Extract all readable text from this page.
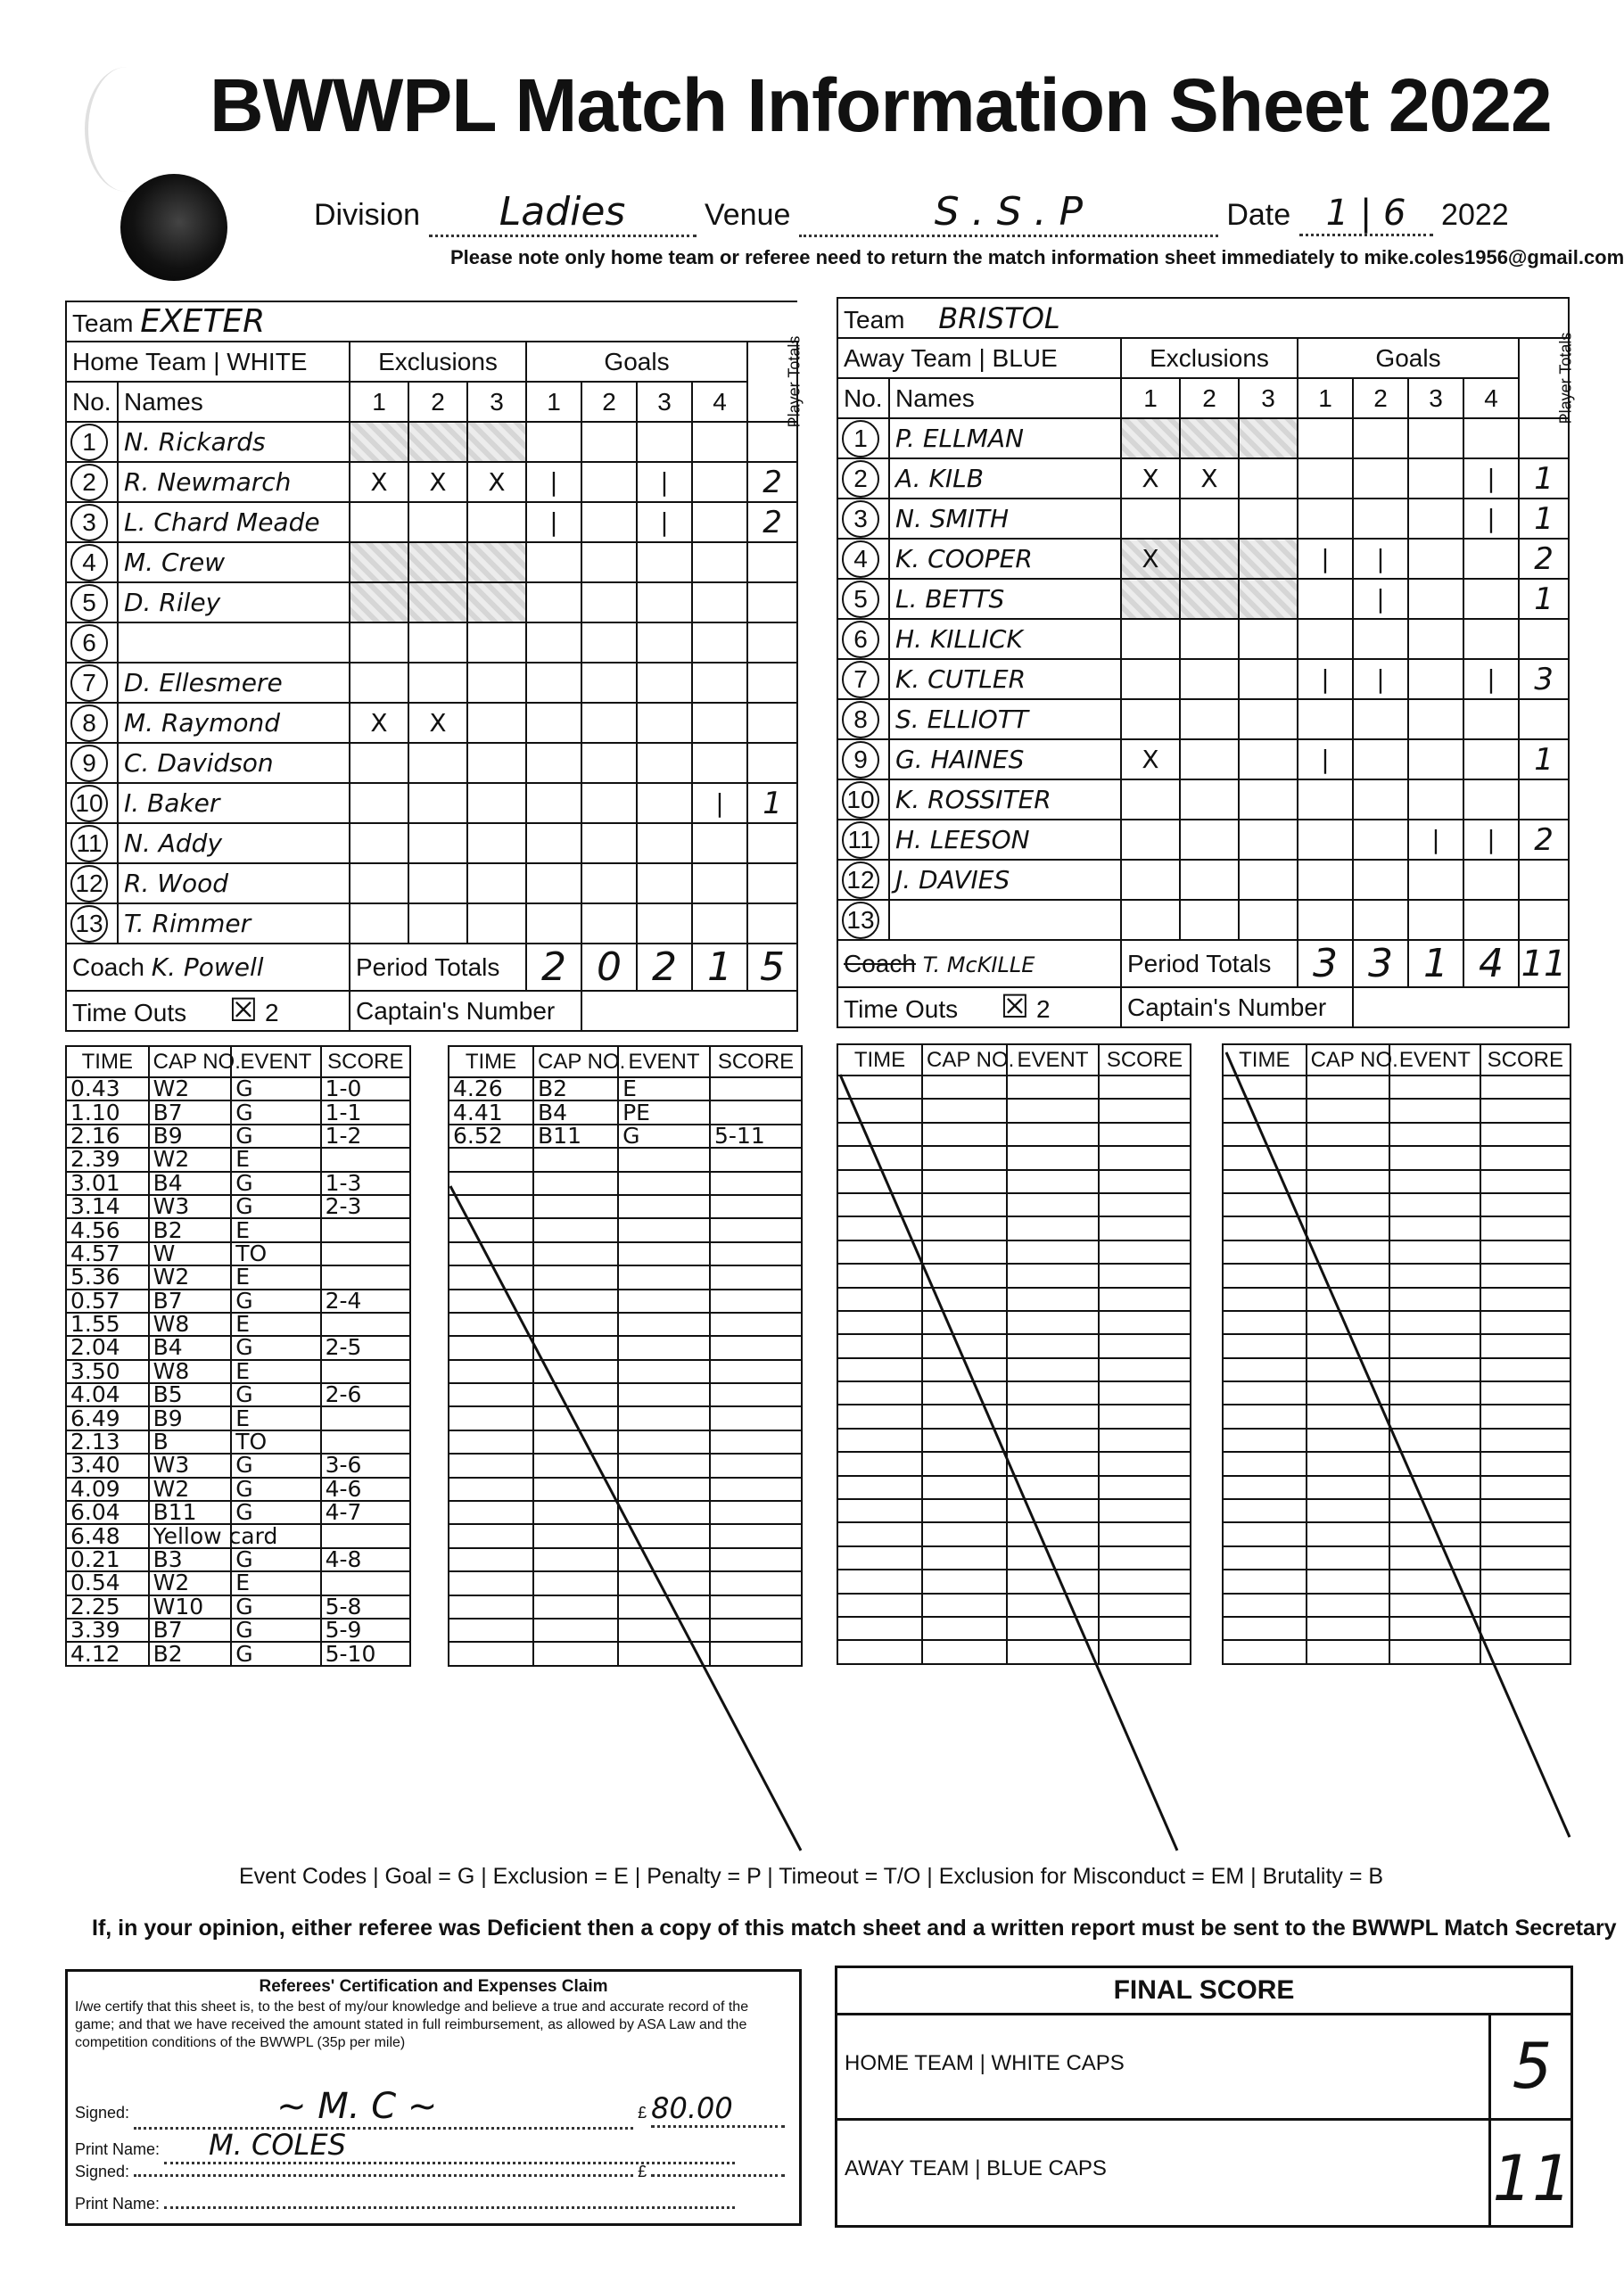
BWWPL Match Information Sheet 2022
Division Ladies	Venue	S . S . P	Date 1 | 6 2022
Please note only home team or referee need to return the match information sheet immediately to mike.coles1956@gmail.com
Team EXETER									
Home Team | WHITE		Exclusions			Goals				Player Totals
No.	Names	1	2	3	1	2	3	4	
1	N. Rickards								
2	R. Newmarch	X	X	X	|		|		2
3	L. Chard Meade				|		|		2
4	M. Crew								
5	D. Riley								
6									
7	D. Ellesmere								
8	M. Raymond	X	X						
9	C. Davidson								
10	I. Baker							|	1
11	N. Addy								
12	R. Wood								
13	T. Rimmer								
Coach K. Powell		Period Totals			2	0	2	1	5
Time Outs ☒ 2		Captain's Number							
Team BRISTOL									
Away Team | BLUE		Exclusions			Goals				Player Totals
No.	Names	1	2	3	1	2	3	4	
1	P. ELLMAN								
2	A. KILB	X	X					|	1
3	N. SMITH							|	1
4	K. COOPER	X			|	|			2
5	L. BETTS					|			1
6	H. KILLICK								
7	K. CUTLER				|	|		|	3
8	S. ELLIOTT								
9	G. HAINES	X			|				1
10	K. ROSSITER								
11	H. LEESON						|	|	2
12	J. DAVIES								
13									
Coach T. McKILLE		Period Totals			3	3	1	4	11
Time Outs ☒ 2		Captain's Number							
TIME	CAP NO.	EVENT	SCORE
0.43	W2	G	1-0
1.10	B7	G	1-1
2.16	B9	G	1-2
2.39	W2	E	
3.01	B4	G	1-3
3.14	W3	G	2-3
4.56	B2	E	
4.57	W	TO	
5.36	W2	E	
0.57	B7	G	2-4
1.55	W8	E	
2.04	B4	G	2-5
3.50	W8	E	
4.04	B5	G	2-6
6.49	B9	E	
2.13	B	TO	
3.40	W3	G	3-6
4.09	W2	G	4-6
6.04	B11	G	4-7
6.48	Yellow card		
0.21	B3	G	4-8
0.54	W2	E	
2.25	W10	G	5-8
3.39	B7	G	5-9
4.12	B2	G	5-10
TIME	CAP NO.	EVENT	SCORE
4.26	B2	E	
4.41	B4	PE	
6.52	B11	G	5-11

TIME	CAP NO.	EVENT	SCORE

				TIME	CAP NO.	EVENT	SCORE

Event Codes | Goal = G | Exclusion = E | Penalty = P | Timeout = T/O | Exclusion for Misconduct = EM | Brutality = B
If, in your opinion, either referee was Deficient then a copy of this match sheet and a written report must be sent to the BWWPL Match Secretary
Referees' Certification and Expenses Claim
I/we certify that this sheet is, to the best of my/our knowledge and believe a true and accurate record of the game; and that we have received the amount stated in full reimbursement, as allowed by ASA Law and the competition conditions of the BWWPL (35p per mile)
Signed:	~ M. C ~	£ 80.00
Print Name: M. COLES
Signed:	£
Print Name:
FINAL SCORE
HOME TEAM | WHITE CAPS	5
AWAY TEAM | BLUE CAPS	11
